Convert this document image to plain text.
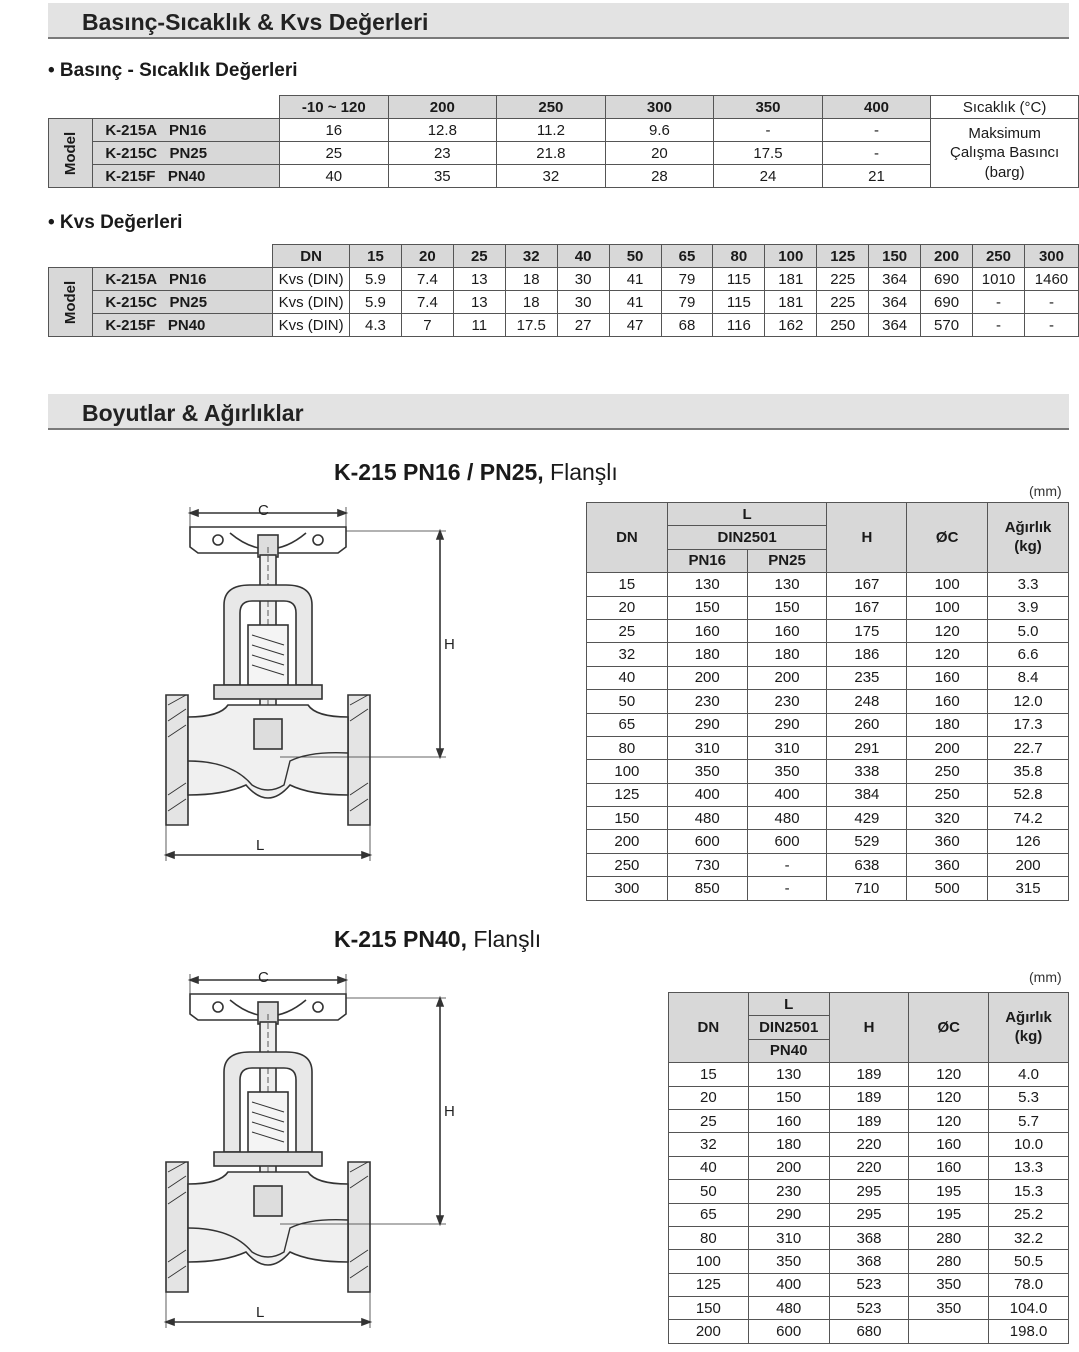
Basınç-Sıcaklık & Kvs Değerleri
• Basınç - Sıcaklık Değerleri
		-10 ~ 120	200	250	300	350	400	Sıcaklık (°C)
Model	K-215A   PN16	16	12.8	11.2	9.6	-	-	Maksimum
Çalışma Basıncı
(barg)

	K-215C   PN25	25	23	21.8	20	17.5	-	
	K-215F   PN40	40	35	32	28	24	21	
• Kvs Değerleri
		DN	15	20	25	32	40	50	65	80	100	125	150	200	250	300
Model	K-215A   PN16	Kvs (DIN)	5.9	7.4	13	18	30	41	79	115	181	225	364	690	1010	1460
	K-215C   PN25	Kvs (DIN)	5.9	7.4	13	18	30	41	79	115	181	225	364	690	-	-
	K-215F   PN40	Kvs (DIN)	4.3	7	11	17.5	27	47	68	116	162	250	364	570	-	-
Boyutlar & Ağırlıklar
K-215 PN16 / PN25, Flanşlı
(mm)
C
H
L
DN	L		H	ØC	Ağırlık
(kg)

	DIN2501				
	PN16	PN25			
15	130	130	167	100	3.3
20	150	150	167	100	3.9
25	160	160	175	120	5.0
32	180	180	186	120	6.6
40	200	200	235	160	8.4
50	230	230	248	160	12.0
65	290	290	260	180	17.3
80	310	310	291	200	22.7
100	350	350	338	250	35.8
125	400	400	384	250	52.8
150	480	480	429	320	74.2
200	600	600	529	360	126
250	730	-	638	360	200
300	850	-	710	500	315
K-215 PN40, Flanşlı
(mm)
C
H
L
DN	L	H	ØC	Ağırlık
(kg)

	DIN2501			
	PN40			
15	130	189	120	4.0
20	150	189	120	5.3
25	160	189	120	5.7
32	180	220	160	10.0
40	200	220	160	13.3
50	230	295	195	15.3
65	290	295	195	25.2
80	310	368	280	32.2
100	350	368	280	50.5
125	400	523	350	78.0
150	480	523	350	104.0
200	600	680		198.0
